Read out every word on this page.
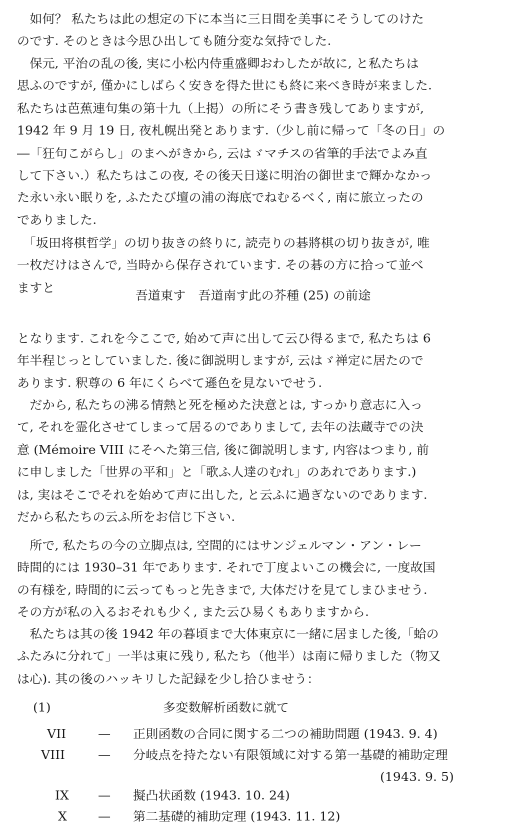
　如何？ 私たちは此の想定の下に本当に三日間を美事にそうしてのけた
のです. そのときは今思ひ出しても随分変な気持でした.
　保元, 平治の乱の後, 実に小松内侍重盛卿おわしたが故に, と私たちは
思ふのですが, 僅かにしばらく安きを得た世にも終に来べき時が来ました.
私たちは芭蕉連句集の第十九（上掲）の所にそう書き残してありますが,
1942 年 9 月 19 日, 夜札幌出発とあります.（少し前に帰って「冬の日」の
―「狂句こがらし」のまへがきから, 云はゞマチスの省筆的手法でよみ直
して下さい.）私たちはこの夜, その後天日遂に明治の御世まで輝かなかっ
た永い永い眠りを, ふたたび壇の浦の海底でねむるべく, 南に旅立ったの
でありました.
　「坂田将棋哲学」の切り抜きの終りに, 読売りの碁將棋の切り抜きが, 唯
一枚だけはさんで, 当時から保存されています. その碁の方に拾って並べ
ますと
吾道東す　吾道南す此の芥種 (25) の前途
となります. これを今ここで, 始めて声に出して云ひ得るまで, 私たちは 6
年半程じっとしていました. 後に御説明しますが, 云はゞ禅定に居たので
あります. 釈尊の 6 年にくらべて遜色を見ないでせう.
　だから, 私たちの沸る情熱と死を極めた決意とは, すっかり意志に入っ
て, それを霊化させてしまって居るのでありまして, 去年の法蔵寺での決
意 (Mémoire VIII にそへた第三信, 後に御説明します, 内容はつまり, 前
に申しました「世界の平和」と「歌ふ人達のむれ」のあれであります.)
は, 実はそこでそれを始めて声に出した, と云ふに過ぎないのであります.
だから私たちの云ふ所をお信じ下さい.
　所で, 私たちの今の立脚点は, 空間的にはサンジェルマン・アン・レー
時間的には 1930–31 年であります. それで丁度よいこの機会に, 一度故国
の有様を, 時間的に云ってもっと先きまで, 大体だけを見てしまひませう.
その方が私の入るおそれも少く, また云ひ易くもありますから.
　私たちは其の後 1942 年の暮頃まで大体東京に一緒に居ました後,「蛤の
ふたみに分れて」一半は東に残り, 私たち（他半）は南に帰りました（物又
は心). 其の後のハッキリした記録を少し拾ひませう：
(1)	多変数解析函数に就て
VII	— 正則函数の合同に関する二つの補助問題 (1943. 9. 4)
VIII	— 分岐点を持たない有限領域に対する第一基礎的補助定理
(1943. 9. 5)
IX — 擬凸状函数 (1943. 10. 24)
X — 第二基礎的補助定理 (1943. 11. 12)
